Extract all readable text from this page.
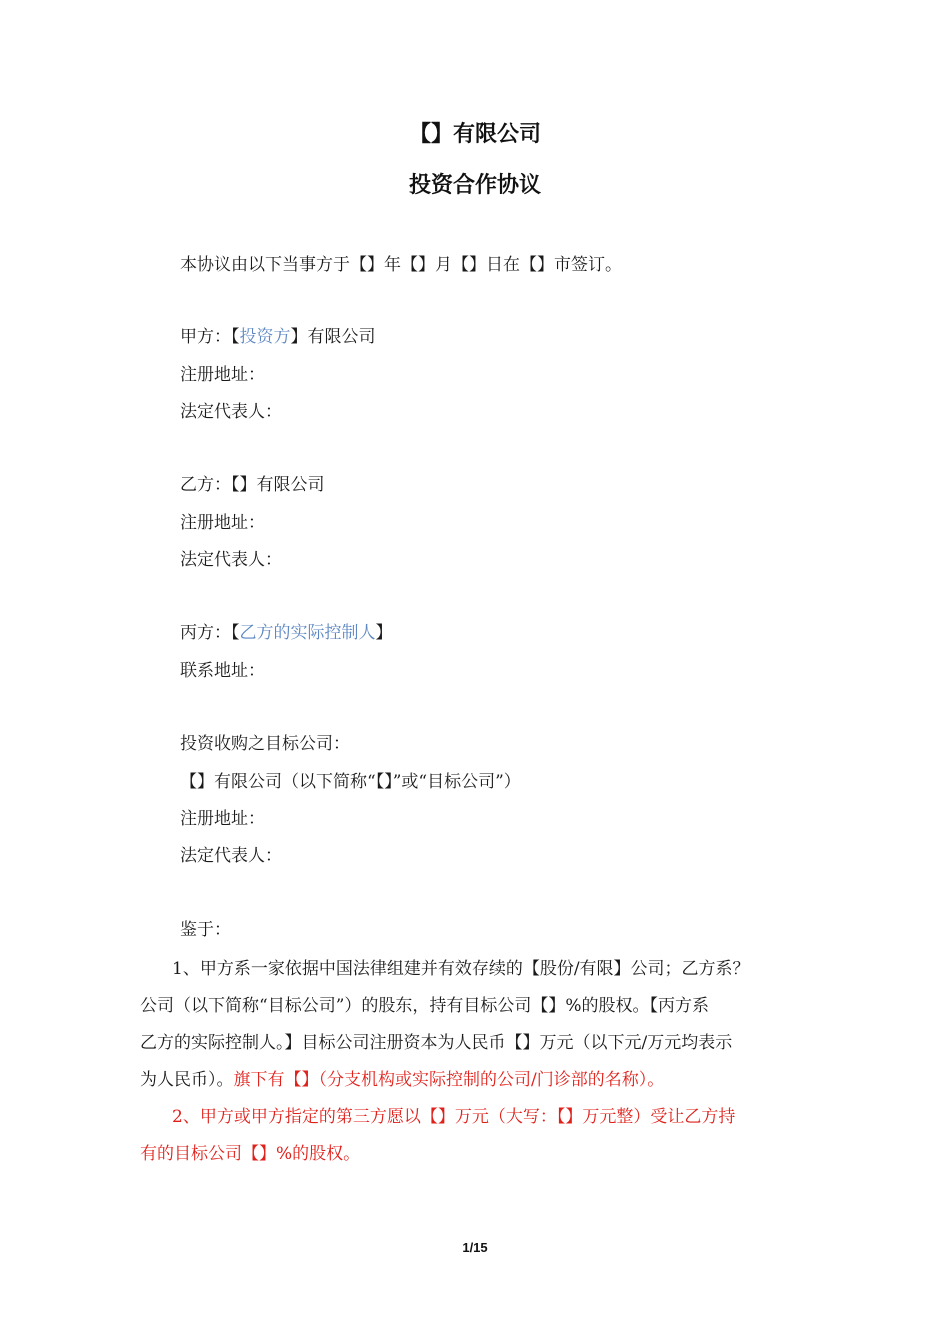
【】有限公司
投资合作协议
本协议由以下当事方于【】年【】月【】日在【】市签订。
甲方：【投资方】有限公司
注册地址：
法定代表人：
乙方：【】有限公司
注册地址：
法定代表人：
丙方：【乙方的实际控制人】
联系地址：
投资收购之目标公司：
【】有限公司（以下简称“【】”或“目标公司”）
注册地址：
法定代表人：
鉴于：
1、甲方系一家依据中国法律组建并有效存续的【股份/有限】公司；乙方系？
公司（以下简称“目标公司”）的股东，持有目标公司【】%的股权。【丙方系
乙方的实际控制人。】目标公司注册资本为人民币【】万元（以下元/万元均表示
为人民币）。旗下有【】（分支机构或实际控制的公司/门诊部的名称）。
2、甲方或甲方指定的第三方愿以【】万元（大写：【】万元整）受让乙方持
有的目标公司【】%的股权。
1/15
